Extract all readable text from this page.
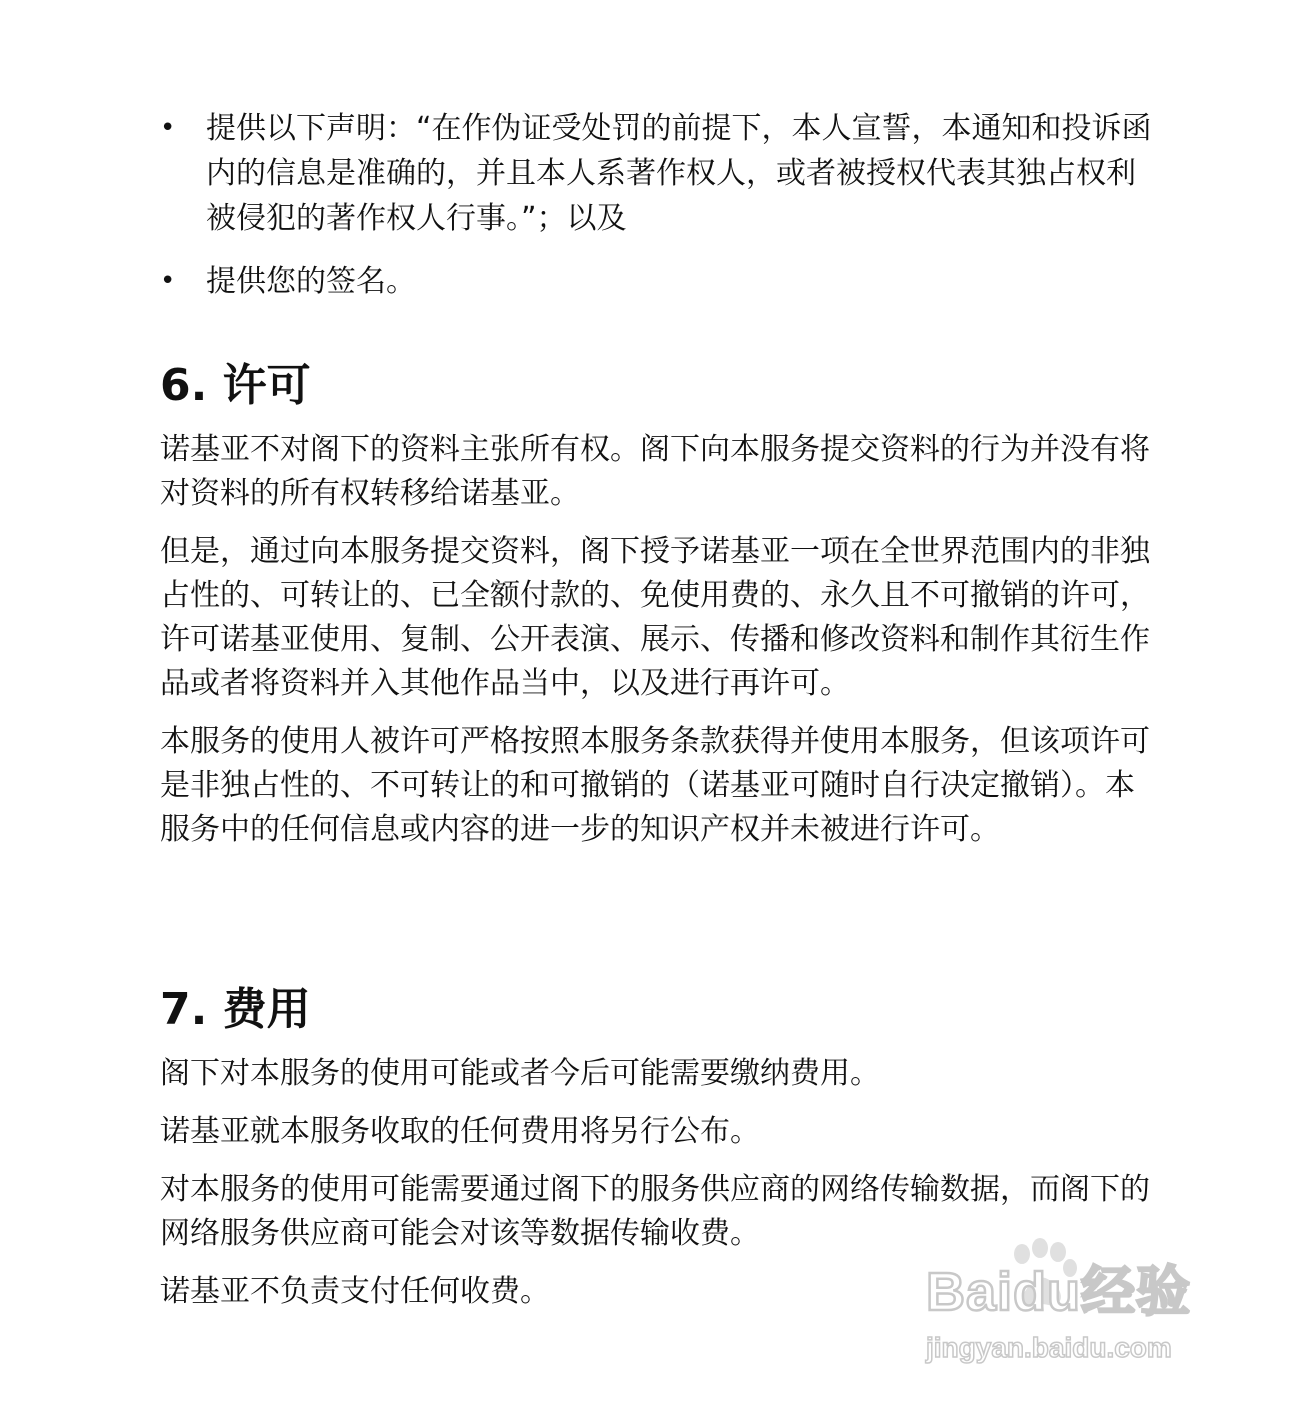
• 提供以下声明：“在作伪证受处罚的前提下，本人宣誓，本通知和投诉函内的信息是准确的，并且本人系著作权人，或者被授权代表其独占权利被侵犯的著作权人行事。”；以及
• 提供您的签名。
6. 许可

诺基亚不对阁下的资料主张所有权。阁下向本服务提交资料的行为并没有将对资料的所有权转移给诺基亚。

但是，通过向本服务提交资料，阁下授予诺基亚一项在全世界范围内的非独占性的、可转让的、已全额付款的、免使用费的、永久且不可撤销的许可，许可诺基亚使用、复制、公开表演、展示、传播和修改资料和制作其衍生作品或者将资料并入其他作品当中，以及进行再许可。

本服务的使用人被许可严格按照本服务条款获得并使用本服务，但该项许可是非独占性的、不可转让的和可撤销的（诺基亚可随时自行决定撤销）。本服务中的任何信息或内容的进一步的知识产权并未被进行许可。

7. 费用

阁下对本服务的使用可能或者今后可能需要缴纳费用。

诺基亚就本服务收取的任何费用将另行公布。

对本服务的使用可能需要通过阁下的服务供应商的网络传输数据，而阁下的网络服务供应商可能会对该等数据传输收费。

诺基亚不负责支付任何收费。	Baidu经验
jingyan.baidu.com
